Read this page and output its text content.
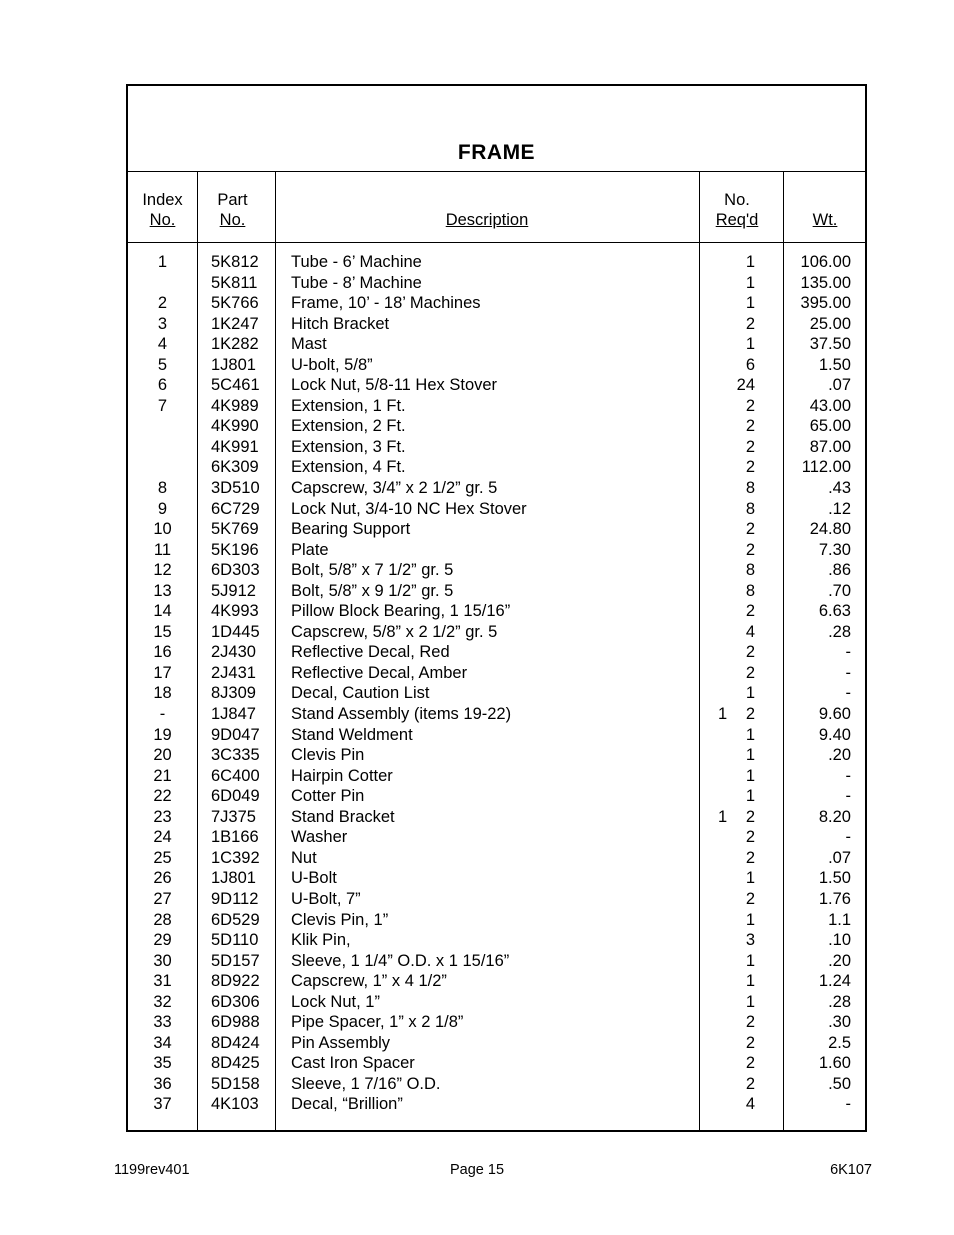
FRAME
Index
No.
Part
No.	Description
No.
Req'd	Wt.
1	5K812 Tube - 6’ Machine	1	106.00
5K811 Tube - 8’ Machine	1	135.00
2	5K766 Frame, 10’ - 18’ Machines	1	395.00
3	1K247 Hitch Bracket	2	25.00
4	1K282 Mast	1	37.50
5	1J801 U-bolt, 5/8”	6	1.50
6	5C461 Lock Nut, 5/8-11 Hex Stover	24	.07
7	4K989 Extension, 1 Ft.	2	43.00
4K990 Extension, 2 Ft.	2	65.00
4K991 Extension, 3 Ft.	2	87.00
6K309 Extension, 4 Ft.	2	112.00
8	3D510 Capscrew, 3/4” x 2 1/2” gr. 5	8	.43
9	6C729 Lock Nut, 3/4-10 NC Hex Stover	8	.12
10	5K769 Bearing Support	2	24.80
11	5K196 Plate	2	7.30
12	6D303 Bolt, 5/8” x 7 1/2” gr. 5	8	.86
13	5J912 Bolt, 5/8” x 9 1/2” gr. 5	8	.70
14	4K993 Pillow Block Bearing, 1 15/16”	2	6.63
15	1D445 Capscrew, 5/8” x 2 1/2” gr. 5	4	.28
16	2J430 Reflective Decal, Red	2	-
17	2J431 Reflective Decal, Amber	2	-
18	8J309 Decal, Caution List	1	-
-	1J847 Stand Assembly (items 19-22)	1 2	9.60
19	9D047 Stand Weldment	1	9.40
20	3C335 Clevis Pin	1	.20
21	6C400 Hairpin Cotter	1	-
22	6D049 Cotter Pin	1	-
23	7J375 Stand Bracket	1 2	8.20
24	1B166 Washer	2	-
25	1C392 Nut	2	.07
26	1J801 U-Bolt	1	1.50
27	9D112 U-Bolt, 7”	2	1.76
28	6D529 Clevis Pin, 1”	1	1.1
29	5D110 Klik Pin,	3	.10
30	5D157 Sleeve, 1 1/4” O.D. x 1 15/16”	1	.20
31	8D922 Capscrew, 1” x 4 1/2”	1	1.24
32	6D306 Lock Nut, 1”	1	.28
33	6D988 Pipe Spacer, 1” x 2 1/8”	2	.30
34	8D424 Pin Assembly	2	2.5
35	8D425 Cast Iron Spacer	2	1.60
36	5D158 Sleeve, 1 7/16” O.D.	2	.50
37	4K103 Decal, “Brillion”	4	-
1199rev401	Page 15	6K107
